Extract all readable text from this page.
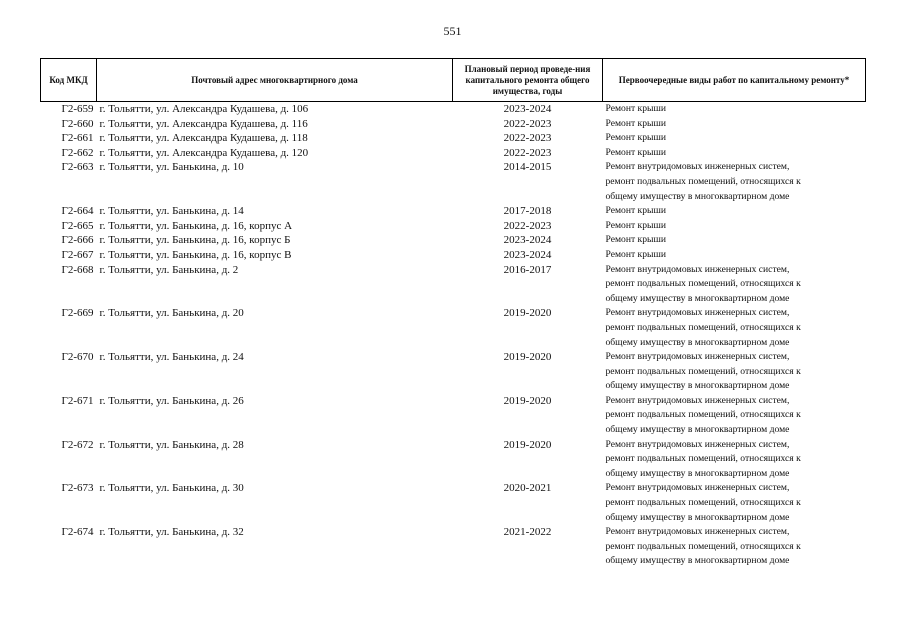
551
Код МКД	Почтовый адрес многоквартирного дома	Плановый период проведе-ния капитального ремонта общего имущества, годы	Первоочередные виды работ по капитальному ремонту*
Г2-659	г. Тольятти, ул. Александра Кудашева, д. 106	2023-2024	Ремонт крыши

Г2-660	г. Тольятти, ул. Александра Кудашева, д. 116	2022-2023	Ремонт крыши

Г2-661	г. Тольятти, ул. Александра Кудашева, д. 118	2022-2023	Ремонт крыши

Г2-662	г. Тольятти, ул. Александра Кудашева, д. 120	2022-2023	Ремонт крыши

Г2-663	г. Тольятти, ул. Банькина, д. 10	2014-2015	Ремонт внутридомовых инженерных систем,
ремонт подвальных помещений, относящихся к
общему имуществу в многоквартирном доме

Г2-664	г. Тольятти, ул. Банькина, д. 14	2017-2018	Ремонт крыши

Г2-665	г. Тольятти, ул. Банькина, д. 16, корпус А	2022-2023	Ремонт крыши

Г2-666	г. Тольятти, ул. Банькина, д. 16, корпус Б	2023-2024	Ремонт крыши

Г2-667	г. Тольятти, ул. Банькина, д. 16, корпус В	2023-2024	Ремонт крыши

Г2-668	г. Тольятти, ул. Банькина, д. 2	2016-2017	Ремонт внутридомовых инженерных систем,
ремонт подвальных помещений, относящихся к
общему имуществу в многоквартирном доме

Г2-669	г. Тольятти, ул. Банькина, д. 20	2019-2020	Ремонт внутридомовых инженерных систем,
ремонт подвальных помещений, относящихся к
общему имуществу в многоквартирном доме

Г2-670	г. Тольятти, ул. Банькина, д. 24	2019-2020	Ремонт внутридомовых инженерных систем,
ремонт подвальных помещений, относящихся к
общему имуществу в многоквартирном доме

Г2-671	г. Тольятти, ул. Банькина, д. 26	2019-2020	Ремонт внутридомовых инженерных систем,
ремонт подвальных помещений, относящихся к
общему имуществу в многоквартирном доме

Г2-672	г. Тольятти, ул. Банькина, д. 28	2019-2020	Ремонт внутридомовых инженерных систем,
ремонт подвальных помещений, относящихся к
общему имуществу в многоквартирном доме

Г2-673	г. Тольятти, ул. Банькина, д. 30	2020-2021	Ремонт внутридомовых инженерных систем,
ремонт подвальных помещений, относящихся к
общему имуществу в многоквартирном доме

Г2-674	г. Тольятти, ул. Банькина, д. 32	2021-2022	Ремонт внутридомовых инженерных систем,
ремонт подвальных помещений, относящихся к
общему имуществу в многоквартирном доме
